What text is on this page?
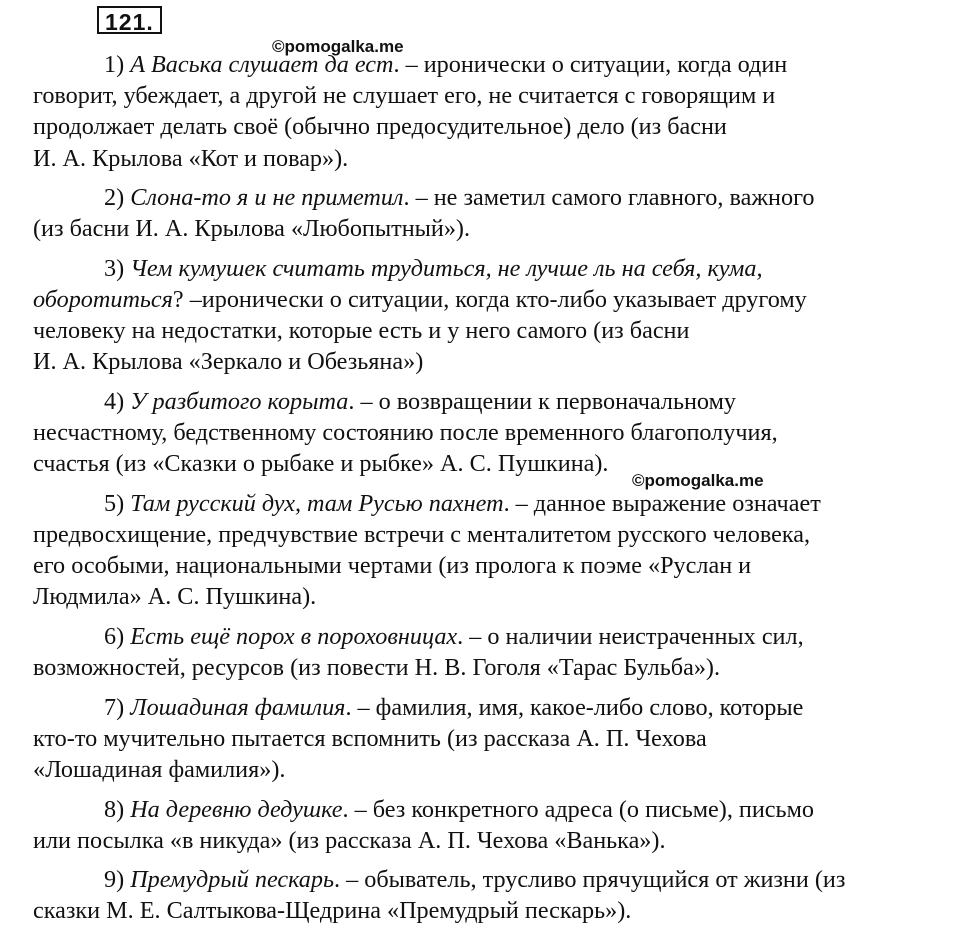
121.
©pomogalka.me
1) А Васька слушает да ест. – иронически о ситуации, когда один
говорит, убеждает, а другой не слушает его, не считается с говорящим и
продолжает делать своё (обычно предосудительное) дело (из басни
И. А. Крылова «Кот и повар»).
2) Слона-то я и не приметил. – не заметил самого главного, важного
(из басни И. А. Крылова «Любопытный»).
3) Чем кумушек считать трудиться, не лучше ль на себя, кума,
оборотиться? –иронически о ситуации, когда кто-либо указывает другому
человеку на недостатки, которые есть и у него самого (из басни
И. А. Крылова «Зеркало и Обезьяна»)
4) У разбитого корыта. – о возвращении к первоначальному
несчастному, бедственному состоянию после временного благополучия,
счастья (из «Сказки о рыбаке и рыбке» А. С. Пушкина).
5) Там русский дух, там Русью пахнет. – данное выражение означает
предвосхищение, предчувствие встречи с менталитетом русского человека,
его особыми, национальными чертами (из пролога к поэме «Руслан и
Людмила» А. С. Пушкина).
6) Есть ещё порох в пороховницах. – о наличии неистраченных сил,
возможностей, ресурсов (из повести Н. В. Гоголя «Тарас Бульба»).
7) Лошадиная фамилия. – фамилия, имя, какое-либо слово, которые
кто-то мучительно пытается вспомнить (из рассказа А. П. Чехова
«Лошадиная фамилия»).
8) На деревню дедушке. – без конкретного адреса (о письме), письмо
или посылка «в никуда» (из рассказа А. П. Чехова «Ванька»).
9) Премудрый пескарь. – обыватель, трусливо прячущийся от жизни (из
сказки М. Е. Салтыкова-Щедрина «Премудрый пескарь»).
©pomogalka.me
